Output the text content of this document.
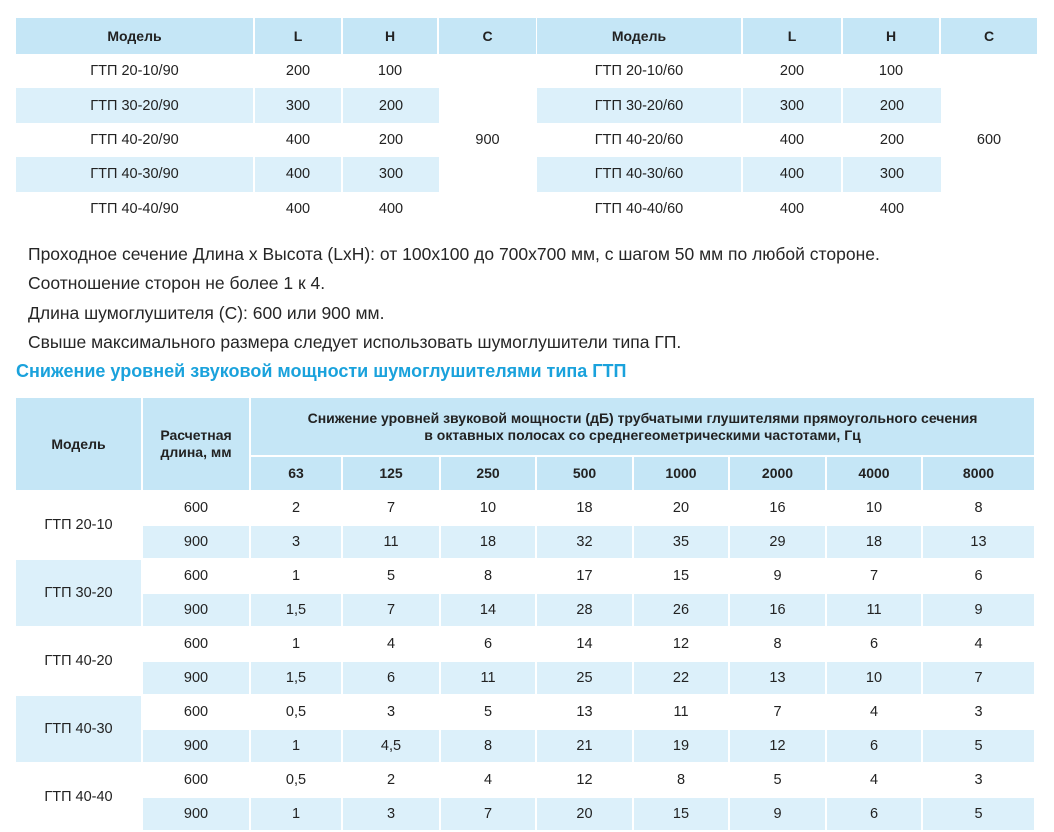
Модель	L	H	C
ГТП 20-10/90	200	100	900
ГТП 30-20/90	300	200	
ГТП 40-20/90	400	200	
ГТП 40-30/90	400	300	
ГТП 40-40/90	400	400	
Модель	L	H	C
ГТП 20-10/60	200	100	600
ГТП 30-20/60	300	200	
ГТП 40-20/60	400	200	
ГТП 40-30/60	400	300	
ГТП 40-40/60	400	400	

Проходное сечение Длина х Высота (LxH): от 100x100 до 700x700 мм, с шагом 50 мм по любой стороне.

Соотношение сторон не более 1 к 4.

Длина шумоглушителя (С): 600 или 900 мм.

Свыше максимального размера следует использовать шумоглушители типа ГП.

Снижение уровней звуковой мощности шумоглушителями типа ГТП
Модель	Расчетная длина, мм	Снижение уровней звуковой мощности (дБ) трубчатыми глушителями прямоугольного сечения
в октавных полосах со среднегеометрическими частотами, Гц							

		63	125	250	500	1000	2000	4000	8000
ГТП 20-10	600	2	7	10	18	20	16	10	8
	900	3	11	18	32	35	29	18	13
ГТП 30-20	600	1	5	8	17	15	9	7	6
	900	1,5	7	14	28	26	16	11	9
ГТП 40-20	600	1	4	6	14	12	8	6	4
	900	1,5	6	11	25	22	13	10	7
ГТП 40-30	600	0,5	3	5	13	11	7	4	3
	900	1	4,5	8	21	19	12	6	5
ГТП 40-40	600	0,5	2	4	12	8	5	4	3
	900	1	3	7	20	15	9	6	5
